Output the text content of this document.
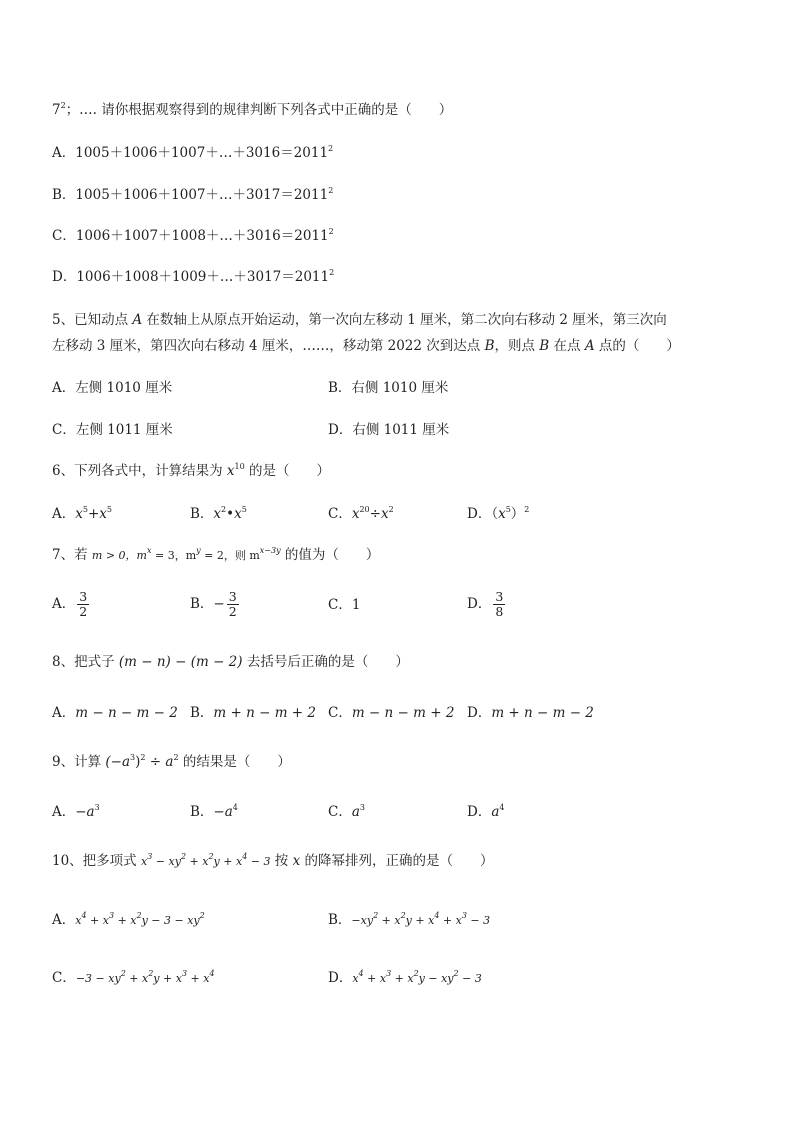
$7^2$；…. 请你根据观察得到的规律判断下列各式中正确的是（　　）
A．$1005+1006+1007+\dots+3016=2011^2$
B．$1005+1006+1007+\dots+3017=2011^2$
C．$1006+1007+1008+\dots+3016=2011^2$
D．$1006+1008+1009+\dots+3017=2011^2$
5、已知动点 A 在数轴上从原点开始运动，第一次向左移动 1 厘米，第二次向右移动 2 厘米，第三次向
左移动 3 厘米，第四次向右移动 4 厘米，……，移动第 2022 次到达点 B，则点 B 在点 A 点的（　　）
A．左侧 1010 厘米	B．右侧 1010 厘米
C．左侧 1011 厘米	D．右侧 1011 厘米
6、下列各式中，计算结果为 $x^{10}$ 的是（　　）
A．$x^5+x^5$	B．$x^2•x^5$	C．$x^{20}\div x^2$	D．$(x^5)^2$
7、若 m > 0，$m^x = 3$，$m^y = 2$，则 $m^{x-3y}$ 的值为（　　）
A． $\frac{3}{2}$	B．− $\frac{3}{2}$	C．1	D． $\frac{3}{8}$
8、把式子 (m − n) − (m − 2) 去括号后正确的是（　　）
A．m − n − m − 2 B．m + n − m + 2 C．m − n − m + 2 D．m + n − m − 2
9、计算 $(-a^3)^2 \div a^2$ 的结果是（　　）
A．$-a^3$	B．$-a^4$	C．$a^3$	D．$a^4$
10、把多项式 $x^3 - xy^2 + x^2y + x^4 - 3$ 按 x 的降幂排列，正确的是（　　）
A．$x^4 + x^3 + x^2y - 3 - xy^2$	B．$-xy^2 + x^2y + x^4 + x^3 - 3$
C．$-3 - xy^2 + x^2y + x^3 + x^4$	D．$x^4 + x^3 + x^2y - xy^2 - 3$
